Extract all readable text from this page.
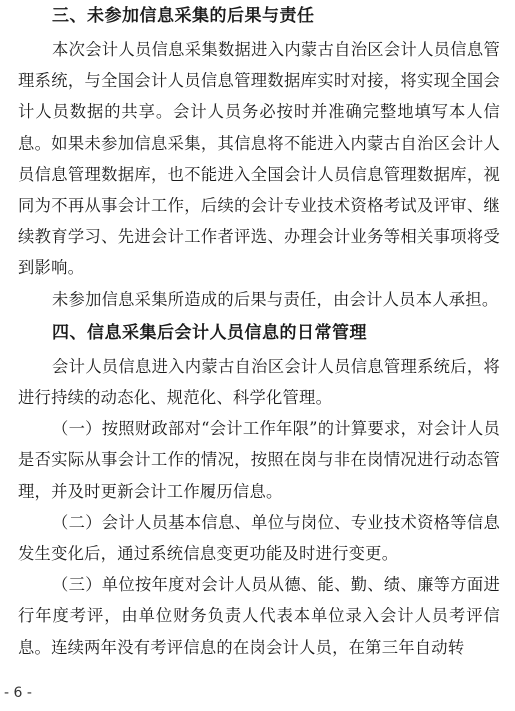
三、未参加信息采集的后果与责任

本次会计人员信息采集数据进入内蒙古自治区会计人员信息管理系统，与全国会计人员信息管理数据库实时对接，将实现全国会计人员数据的共享。会计人员务必按时并准确完整地填写本人信息。如果未参加信息采集，其信息将不能进入内蒙古自治区会计人员信息管理数据库，也不能进入全国会计人员信息管理数据库，视同为不再从事会计工作，后续的会计专业技术资格考试及评审、继续教育学习、先进会计工作者评选、办理会计业务等相关事项将受到影响。

未参加信息采集所造成的后果与责任，由会计人员本人承担。

四、信息采集后会计人员信息的日常管理

会计人员信息进入内蒙古自治区会计人员信息管理系统后，将进行持续的动态化、规范化、科学化管理。

（一）按照财政部对“会计工作年限”的计算要求，对会计人员是否实际从事会计工作的情况，按照在岗与非在岗情况进行动态管理，并及时更新会计工作履历信息。

（二）会计人员基本信息、单位与岗位、专业技术资格等信息发生变化后，通过系统信息变更功能及时进行变更。

（三）单位按年度对会计人员从德、能、勤、绩、廉等方面进行年度考评，由单位财务负责人代表本单位录入会计人员考评信息。连续两年没有考评信息的在岗会计人员，在第三年自动转

- 6 -
